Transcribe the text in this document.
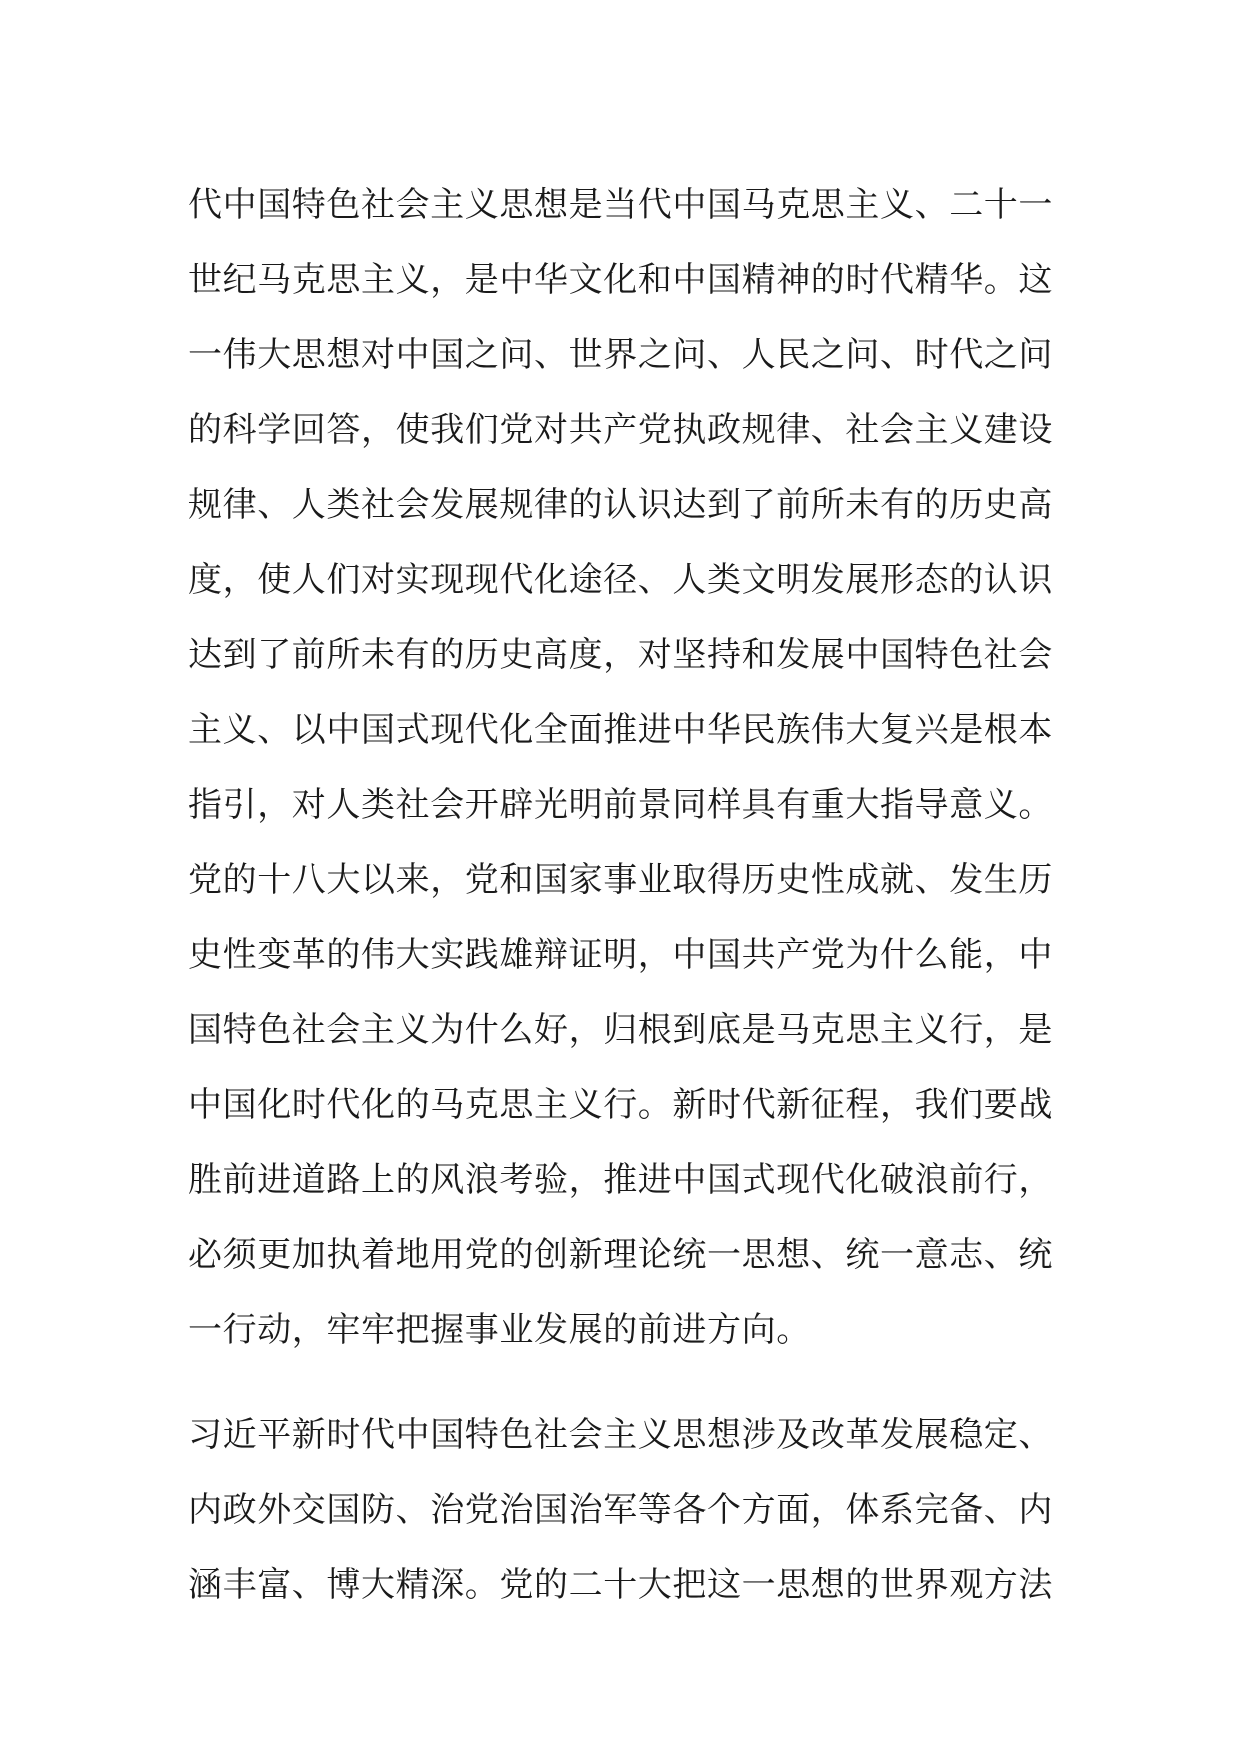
代中国特色社会主义思想是当代中国马克思主义、二十一
世纪马克思主义，是中华文化和中国精神的时代精华。这
一伟大思想对中国之问、世界之问、人民之问、时代之问
的科学回答，使我们党对共产党执政规律、社会主义建设
规律、人类社会发展规律的认识达到了前所未有的历史高
度，使人们对实现现代化途径、人类文明发展形态的认识
达到了前所未有的历史高度，对坚持和发展中国特色社会
主义、以中国式现代化全面推进中华民族伟大复兴是根本
指引，对人类社会开辟光明前景同样具有重大指导意义。
党的十八大以来，党和国家事业取得历史性成就、发生历
史性变革的伟大实践雄辩证明，中国共产党为什么能，中
国特色社会主义为什么好，归根到底是马克思主义行，是
中国化时代化的马克思主义行。新时代新征程，我们要战
胜前进道路上的风浪考验，推进中国式现代化破浪前行，
必须更加执着地用党的创新理论统一思想、统一意志、统
一行动，牢牢把握事业发展的前进方向。
习近平新时代中国特色社会主义思想涉及改革发展稳定、
内政外交国防、治党治国治军等各个方面，体系完备、内
涵丰富、博大精深。党的二十大把这一思想的世界观方法
